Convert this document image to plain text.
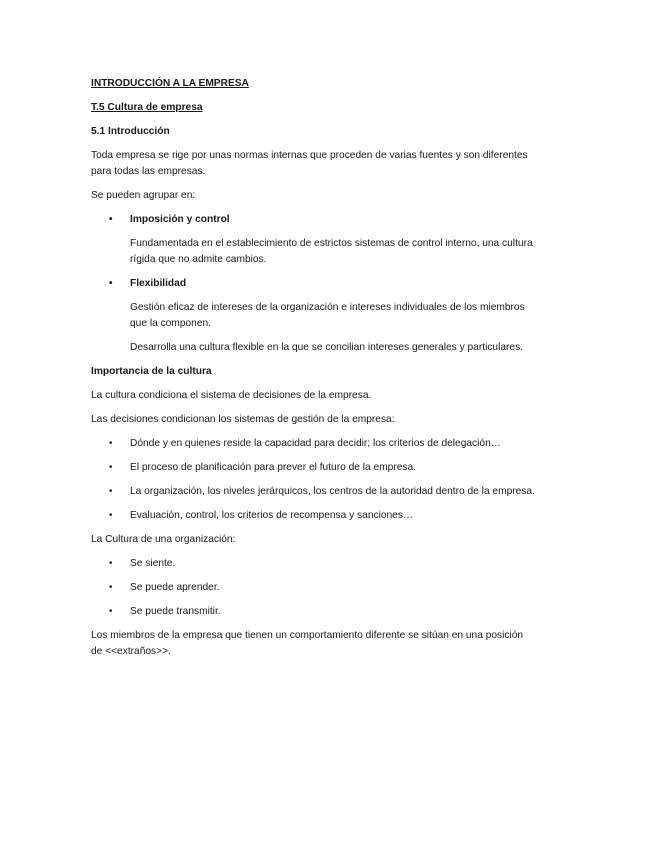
INTRODUCCIÓN A LA EMPRESA

T.5 Cultura de empresa

5.1 Introducción

Toda empresa se rige por unas normas internas que proceden de varias fuentes y son diferentes

para todas las empresas.

Se pueden agrupar en:

• Imposición y control

Fundamentada en el establecimiento de estrictos sistemas de control interno, una cultura

rígida que no admite cambios.

• Flexibilidad

Gestión eficaz de intereses de la organización e intereses individuales de los miembros

que la componen.

Desarrolla una cultura flexible en la que se concilian intereses generales y particulares.

Importancia de la cultura

La cultura condiciona el sistema de decisiones de la empresa.

Las decisiones condicionan los sistemas de gestión de la empresa:

• Dónde y en quienes reside la capacidad para decidir; los criterios de delegación…
• El proceso de planificación para prever el futuro de la empresa.
• La organización, los niveles jerárquicos, los centros de la autoridad dentro de la empresa.
• Evaluación, control, los criterios de recompensa y sanciones…

La Cultura de una organización:

• Se siente.
• Se puede aprender.
• Se puede transmitir.

Los miembros de la empresa que tienen un comportamiento diferente se sitúan en una posición

de <<extraños>>.
